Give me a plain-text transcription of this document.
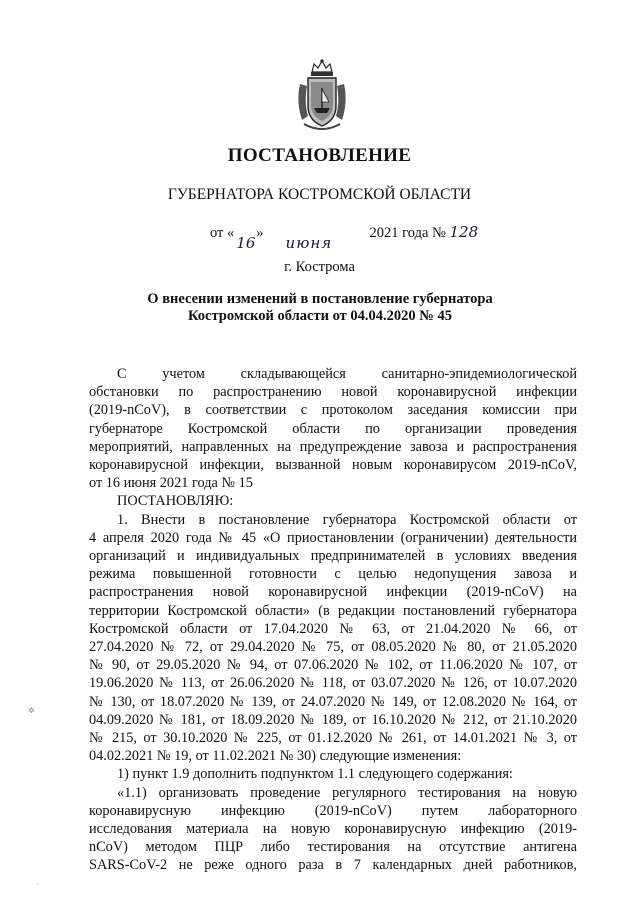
ПОСТАНОВЛЕНИЕ
ГУБЕРНАТОРА КОСТРОМСКОЙ ОБЛАСТИ
от «
16
»
июня
2021 года № 128
г. Кострома
О внесении изменений в постановление губернатора
Костромской области от 04.04.2020 № 45

С учетом складывающейся санитарно-эпидемиологической

обстановки по распространению новой коронавирусной инфекции

(2019-nCoV), в соответствии с протоколом заседания комиссии при

губернаторе Костромской области по организации проведения

мероприятий, направленных на предупреждение завоза и распространения

коронавирусной инфекции, вызванной новым коронавирусом 2019-nCoV,

от 16 июня 2021 года № 15

ПОСТАНОВЛЯЮ:

1. Внести в постановление губернатора Костромской области от

4 апреля 2020 года № 45 «О приостановлении (ограничении) деятельности

организаций и индивидуальных предпринимателей в условиях введения

режима повышенной готовности с целью недопущения завоза и

распространения новой коронавирусной инфекции (2019-nCoV) на

территории Костромской области» (в редакции постановлений губернатора

Костромской области от 17.04.2020 № 63, от 21.04.2020 № 66, от

27.04.2020 № 72, от 29.04.2020 № 75, от 08.05.2020 № 80, от 21.05.2020

№ 90, от 29.05.2020 № 94, от 07.06.2020 № 102, от 11.06.2020 № 107, от

19.06.2020 № 113, от 26.06.2020 № 118, от 03.07.2020 № 126, от 10.07.2020

№ 130, от 18.07.2020 № 139, от 24.07.2020 № 149, от 12.08.2020 № 164, от

04.09.2020 № 181, от 18.09.2020 № 189, от 16.10.2020 № 212, от 21.10.2020

№ 215, от 30.10.2020 № 225, от 01.12.2020 № 261, от 14.01.2021 № 3, от

04.02.2021 № 19, от 11.02.2021 № 30) следующие изменения:

1) пункт 1.9 дополнить подпунктом 1.1 следующего содержания:

«1.1) организовать проведение регулярного тестирования на новую

коронавирусную инфекцию (2019-nCoV) путем лабораторного

исследования материала на новую коронавирусную инфекцию (2019-

nCoV) методом ПЦР либо тестирования на отсутствие антигена

SARS-CoV-2 не реже одного раза в 7 календарных дней работников,

✲
·
